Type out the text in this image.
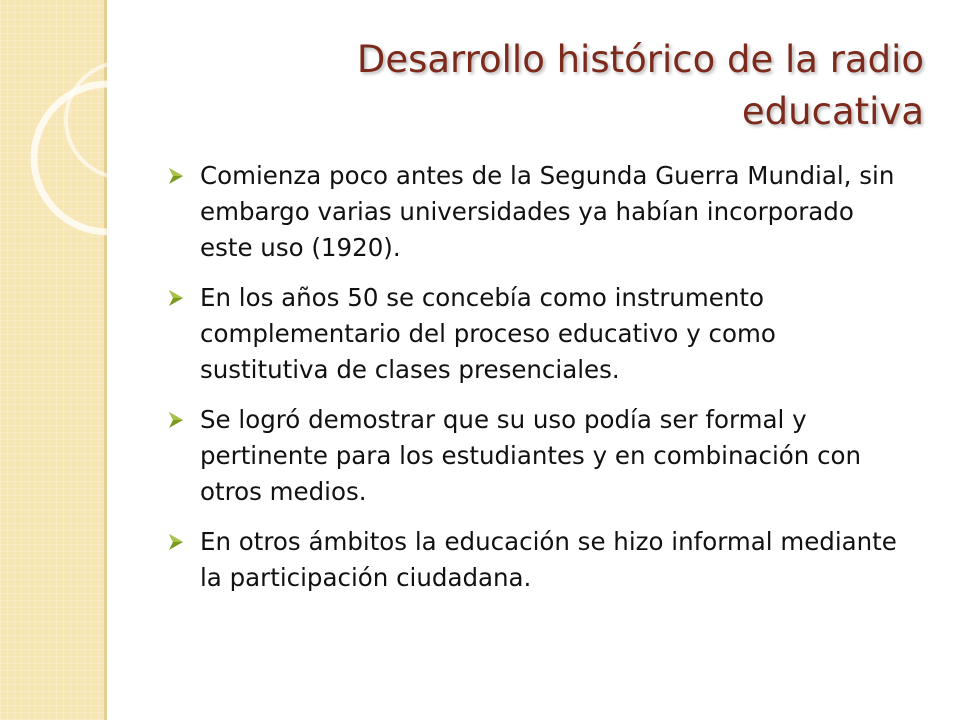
Desarrollo histórico de la radio educativa
Comienza poco antes de la Segunda Guerra Mundial, sin embargo varias universidades ya habían incorporado este uso (1920).
En los años 50 se concebía como instrumento complementario del proceso educativo y como sustitutiva de clases presenciales.
Se logró demostrar que su uso podía ser formal y pertinente para los estudiantes y en combinación con otros medios.
En otros ámbitos la educación se hizo informal mediante la participación ciudadana.
